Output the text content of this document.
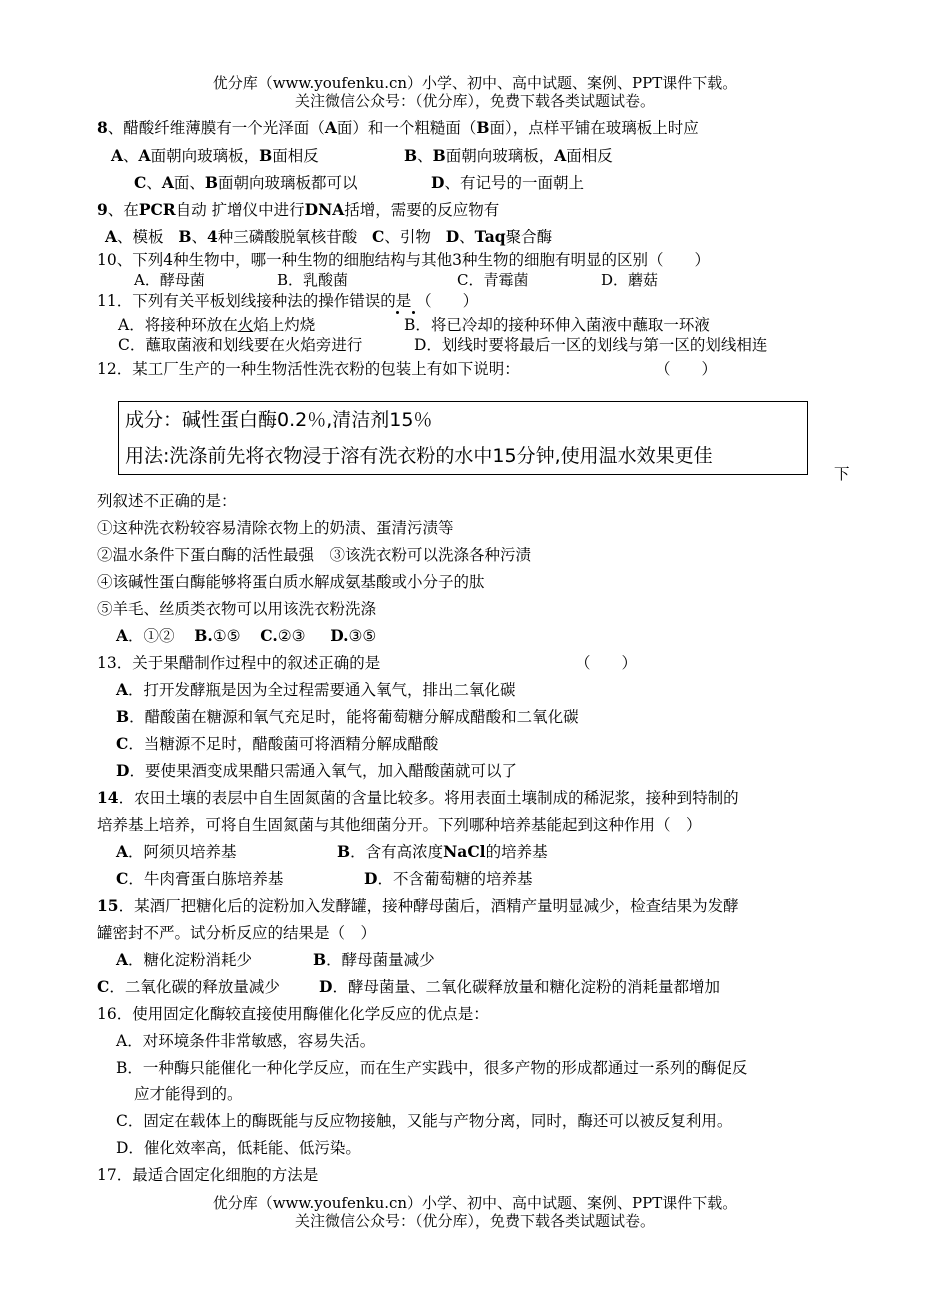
优分库（www.youfenku.cn）小学、初中、高中试题、案例、PPT课件下载。
关注微信公众号：（优分库），免费下载各类试题试卷。
8、醋酸纤维薄膜有一个光泽面（A面）和一个粗糙面（B面），点样平铺在玻璃板上时应
A、A面朝向玻璃板，B面相反	B、B面朝向玻璃板，A面相反
C、A面、B面朝向玻璃板都可以	D、有记号的一面朝上
9、在PCR自动 扩增仪中进行DNA括增，需要的反应物有
A、模板 B、4种三磷酸脱氧核苷酸 C、引物 D、Taq聚合酶
10、下列4种生物中，哪一种生物的细胞结构与其他3种生物的细胞有明显的区别（　　）
A．酵母菌	B．乳酸菌	C．青霉菌	D．蘑菇
11．下列有关平板划线接种法的操作错误的是 （　　）
A．将接种环放在火焰上灼烧	B．将已冷却的接种环伸入菌液中蘸取一环液
C．蘸取菌液和划线要在火焰旁进行	D．划线时要将最后一区的划线与第一区的划线相连
12．某工厂生产的一种生物活性洗衣粉的包装上有如下说明：	（　　）
成分：碱性蛋白酶0.2％,清洁剂15％
用法:洗涤前先将衣物浸于溶有洗衣粉的水中15分钟,使用温水效果更佳
下
列叙述不正确的是：
①这种洗衣粉较容易清除衣物上的奶渍、蛋清污渍等
②温水条件下蛋白酶的活性最强　③该洗衣粉可以洗涤各种污渍
④该碱性蛋白酶能够将蛋白质水解成氨基酸或小分子的肽
⑤羊毛、丝质类衣物可以用该洗衣粉洗涤
A．①② B.①⑤ C.②③ D.③⑤
13．关于果醋制作过程中的叙述正确的是	（　　）
A．打开发酵瓶是因为全过程需要通入氧气，排出二氧化碳
B．醋酸菌在糖源和氧气充足时，能将葡萄糖分解成醋酸和二氧化碳
C．当糖源不足时，醋酸菌可将酒精分解成醋酸
D．要使果酒变成果醋只需通入氧气，加入醋酸菌就可以了
14．农田土壤的表层中自生固氮菌的含量比较多。将用表面土壤制成的稀泥浆，接种到特制的
培养基上培养，可将自生固氮菌与其他细菌分开。下列哪种培养基能起到这种作用（　）
A．阿须贝培养基	B．含有高浓度NaCl的培养基
C．牛肉膏蛋白胨培养基	D．不含葡萄糖的培养基
15．某酒厂把糖化后的淀粉加入发酵罐，接种酵母菌后，酒精产量明显减少，检查结果为发酵
罐密封不严。试分析反应的结果是（　）
A．糖化淀粉消耗少	B．酵母菌量减少
C．二氧化碳的释放量减少	D．酵母菌量、二氧化碳释放量和糖化淀粉的消耗量都增加
16．使用固定化酶较直接使用酶催化化学反应的优点是：
A．对环境条件非常敏感，容易失活。
B．一种酶只能催化一种化学反应，而在生产实践中，很多产物的形成都通过一系列的酶促反
应才能得到的。
C．固定在载体上的酶既能与反应物接触，又能与产物分离，同时，酶还可以被反复利用。
D．催化效率高，低耗能、低污染。
17．最适合固定化细胞的方法是
优分库（www.youfenku.cn）小学、初中、高中试题、案例、PPT课件下载。
关注微信公众号：（优分库），免费下载各类试题试卷。
